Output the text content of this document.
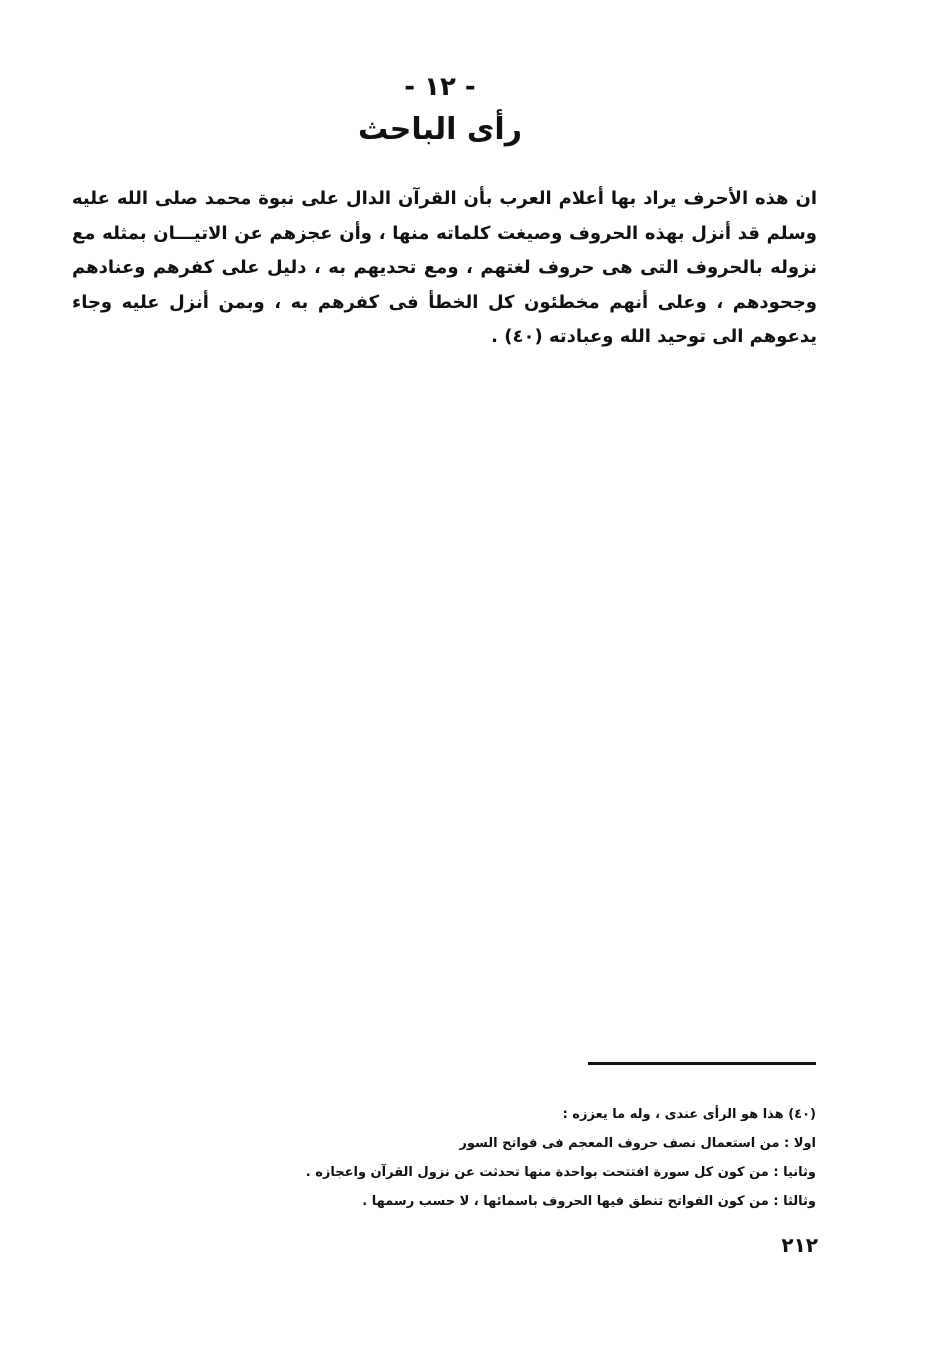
- ١٢ -
رأى الباحث
ان هذه الأحرف يراد بها أعلام العرب بأن القرآن الدال على نبوة محمد صلى الله عليه وسلم قد أنزل بهذه الحروف وصيغت كلماته منها ، وأن عجزهم عن الاتيـــان بمثله مع نزوله بالحروف التى هى حروف لغتهم ، ومع تحديهم به ، دليل على كفرهم وعنادهم وجحودهم ، وعلى أنهم مخطئون كل الخطأ فى كفرهم به ، وبمن أنزل عليه وجاء يدعوهم الى توحيد الله وعبادته (٤٠) .
(٤٠) هذا هو الرأى عندى ، وله ما يعززه :
اولا : من استعمال نصف حروف المعجم فى فواتح السور
وثانيا : من كون كل سورة افتتحت بواحدة منها تحدثت عن نزول القرآن واعجازه .
وثالثا : من كون الفواتح تنطق فيها الحروف باسمائها ، لا حسب رسمها .
٢١٢
